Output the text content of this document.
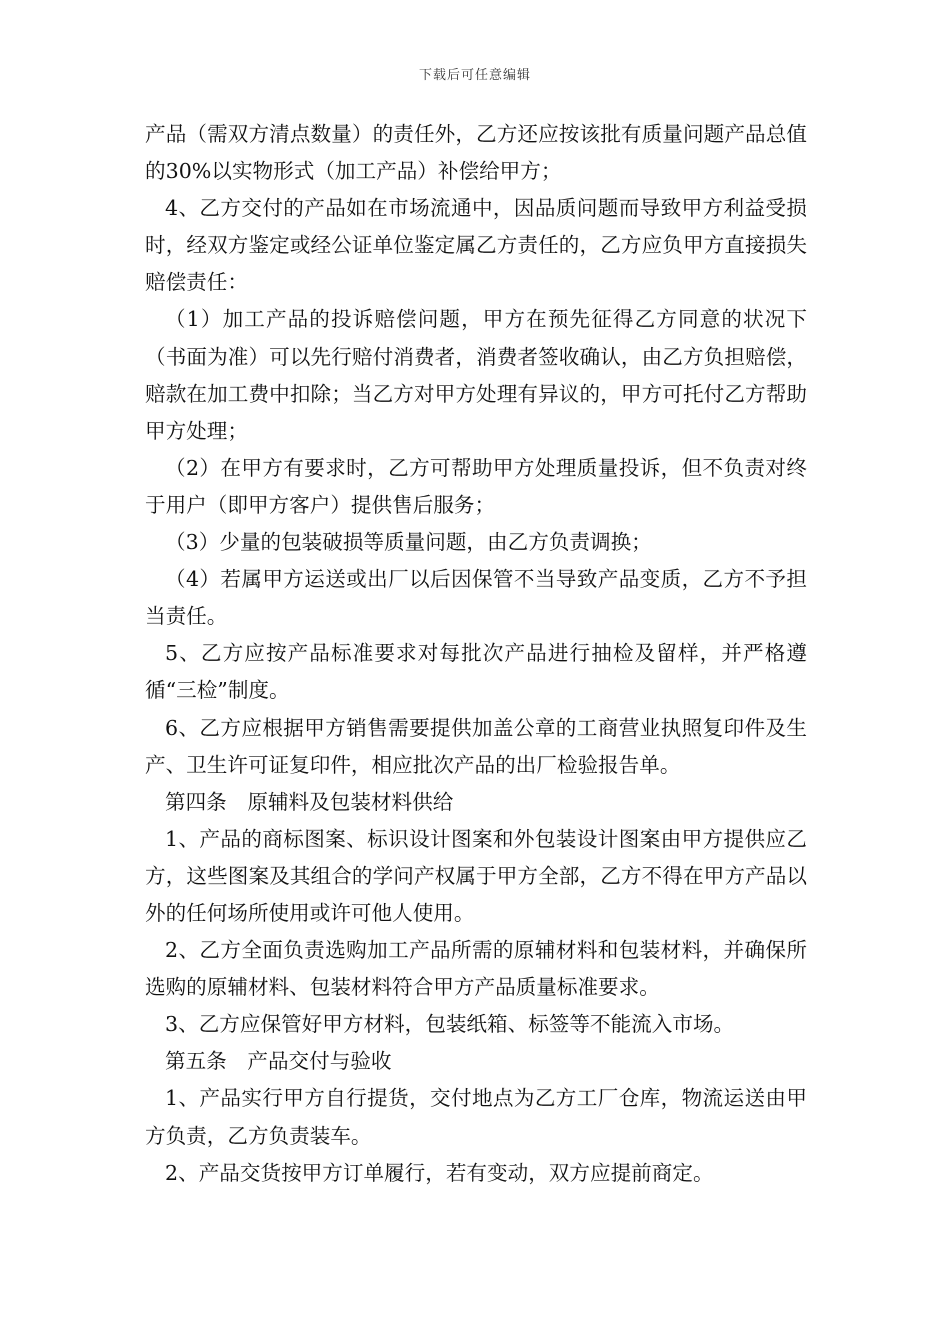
下载后可任意编辑

产品（需双方清点数量）的责任外，乙方还应按该批有质量问题产品总值的30%以实物形式（加工产品）补偿给甲方；

4、乙方交付的产品如在市场流通中，因品质问题而导致甲方利益受损时，经双方鉴定或经公证单位鉴定属乙方责任的，乙方应负甲方直接损失赔偿责任：

（1）加工产品的投诉赔偿问题，甲方在预先征得乙方同意的状况下（书面为准）可以先行赔付消费者，消费者签收确认，由乙方负担赔偿，赔款在加工费中扣除；当乙方对甲方处理有异议的，甲方可托付乙方帮助甲方处理；

（2）在甲方有要求时，乙方可帮助甲方处理质量投诉，但不负责对终于用户（即甲方客户）提供售后服务；

（3）少量的包装破损等质量问题，由乙方负责调换；

（4）若属甲方运送或出厂以后因保管不当导致产品变质，乙方不予担当责任。

5、乙方应按产品标准要求对每批次产品进行抽检及留样，并严格遵循“三检”制度。

6、乙方应根据甲方销售需要提供加盖公章的工商营业执照复印件及生产、卫生许可证复印件，相应批次产品的出厂检验报告单。

第四条　原辅料及包装材料供给

1、产品的商标图案、标识设计图案和外包装设计图案由甲方提供应乙方，这些图案及其组合的学问产权属于甲方全部，乙方不得在甲方产品以外的任何场所使用或许可他人使用。

2、乙方全面负责选购加工产品所需的原辅材料和包装材料，并确保所选购的原辅材料、包装材料符合甲方产品质量标准要求。

3、乙方应保管好甲方材料，包装纸箱、标签等不能流入市场。

第五条　产品交付与验收

1、产品实行甲方自行提货，交付地点为乙方工厂仓库，物流运送由甲方负责，乙方负责装车。

2、产品交货按甲方订单履行，若有变动，双方应提前商定。
